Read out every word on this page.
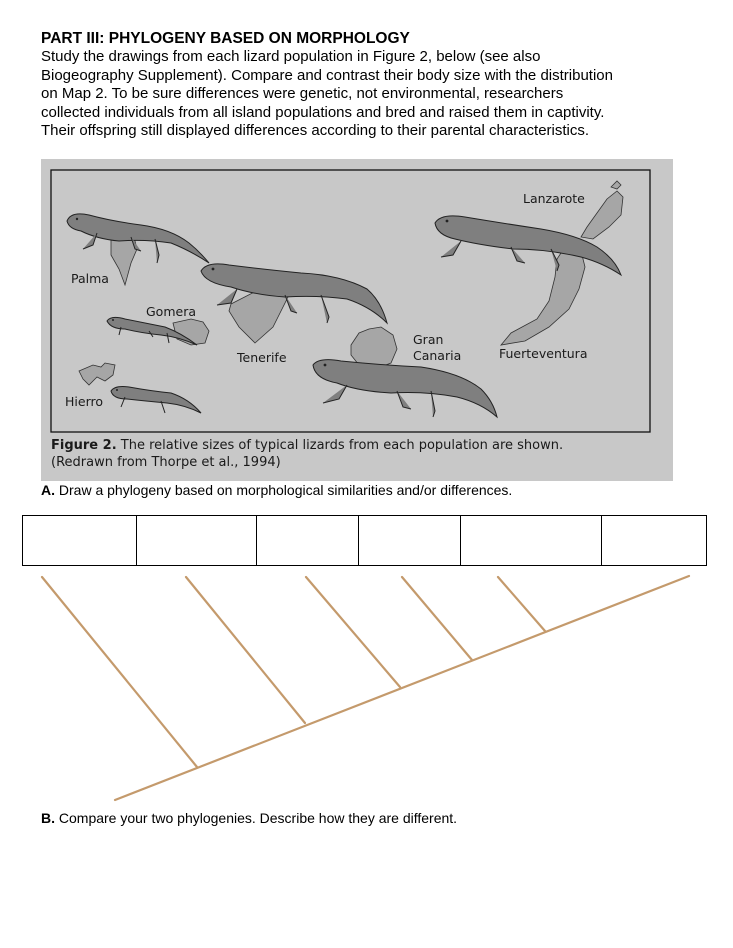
PART III: PHYLOGENY BASED ON MORPHOLOGY
Study the drawings from each lizard population in Figure 2, below (see also
Biogeography Supplement). Compare and contrast their body size with the distribution
on Map 2. To be sure differences were genetic, not environmental, researchers
collected individuals from all island populations and bred and raised them in captivity.
Their offspring still displayed differences according to their parental characteristics.
Lanzarote
Palma
Gomera
Tenerife
Gran
Canaria	Fuerteventura
Hierro
Figure 2. The relative sizes of typical lizards from each population are shown.
(Redrawn from Thorpe et al., 1994)
A. Draw a phylogeny based on morphological similarities and/or differences.
B. Compare your two phylogenies. Describe how they are different.
